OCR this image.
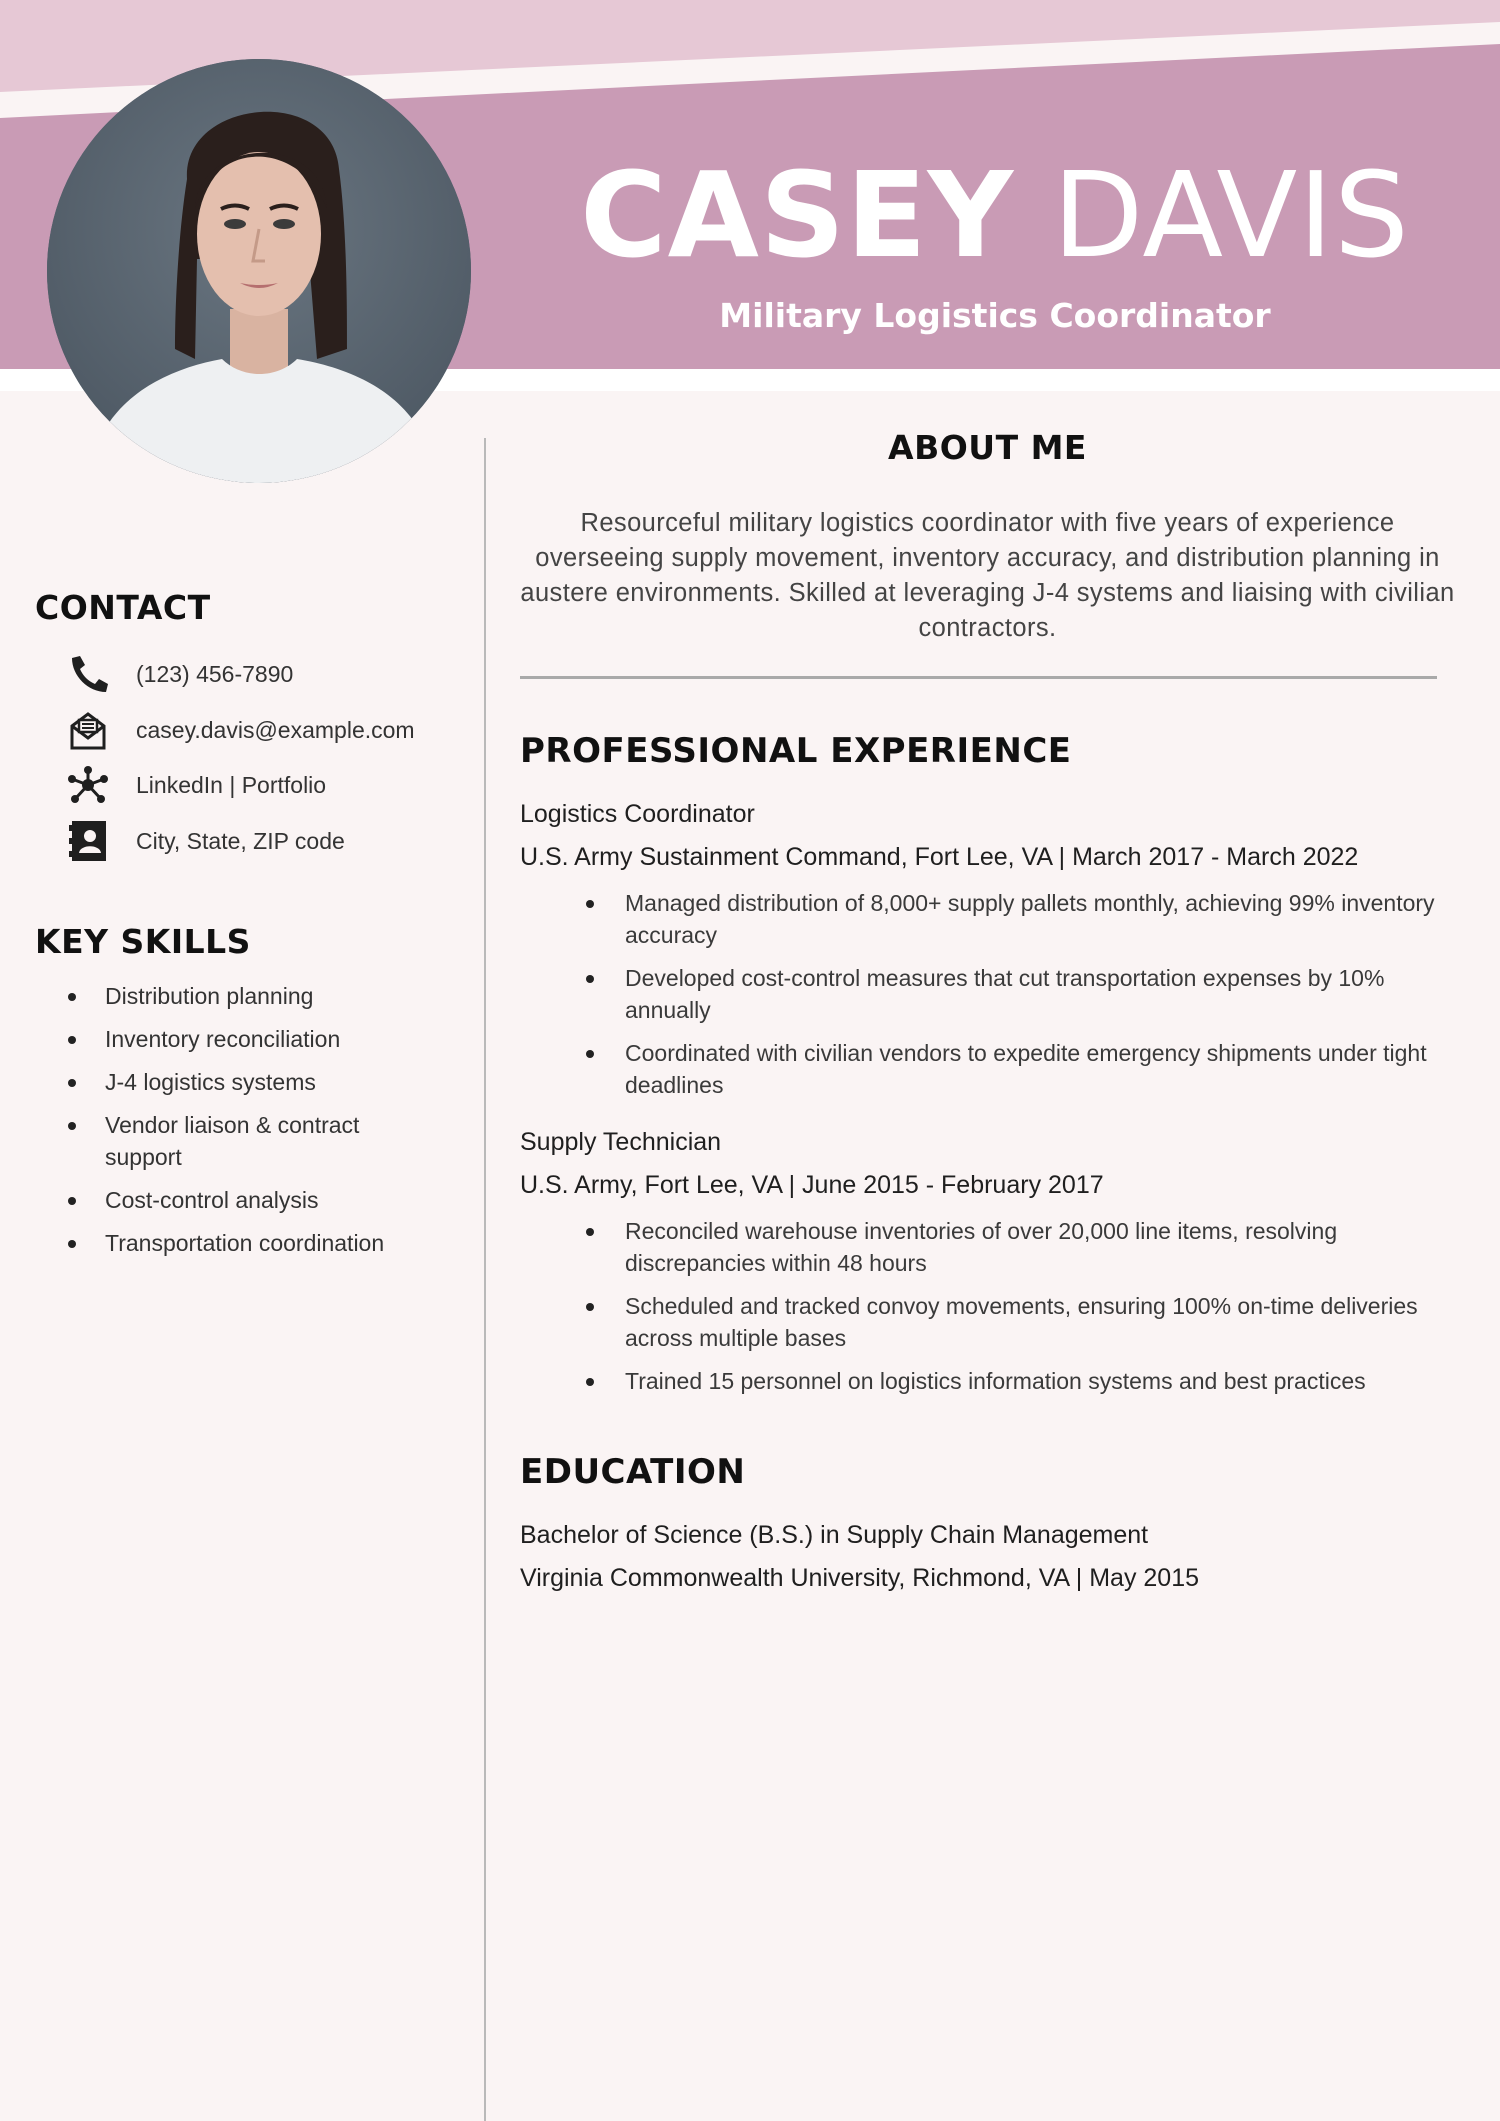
CASEY DAVIS
Military Logistics Coordinator
CONTACT
(123) 456-7890
casey.davis@example.com
LinkedIn | Portfolio
City, State, ZIP code
KEY SKILLS
Distribution planning
Inventory reconciliation
J-4 logistics systems
Vendor liaison & contract support
Cost-control analysis
Transportation coordination
ABOUT ME

Resourceful military logistics coordinator with five years of experience overseeing supply movement, inventory accuracy, and distribution planning in austere environments. Skilled at leveraging J-4 systems and liaising with civilian contractors.

PROFESSIONAL EXPERIENCE
Logistics Coordinator
U.S. Army Sustainment Command, Fort Lee, VA | March 2017 - March 2022
Managed distribution of 8,000+ supply pallets monthly, achieving 99% inventory accuracy
Developed cost-control measures that cut transportation expenses by 10% annually
Coordinated with civilian vendors to expedite emergency shipments under tight deadlines
Supply Technician
U.S. Army, Fort Lee, VA | June 2015 - February 2017
Reconciled warehouse inventories of over 20,000 line items, resolving discrepancies within 48 hours
Scheduled and tracked convoy movements, ensuring 100% on-time deliveries across multiple bases
Trained 15 personnel on logistics information systems and best practices
EDUCATION
Bachelor of Science (B.S.) in Supply Chain Management
Virginia Commonwealth University, Richmond, VA | May 2015
